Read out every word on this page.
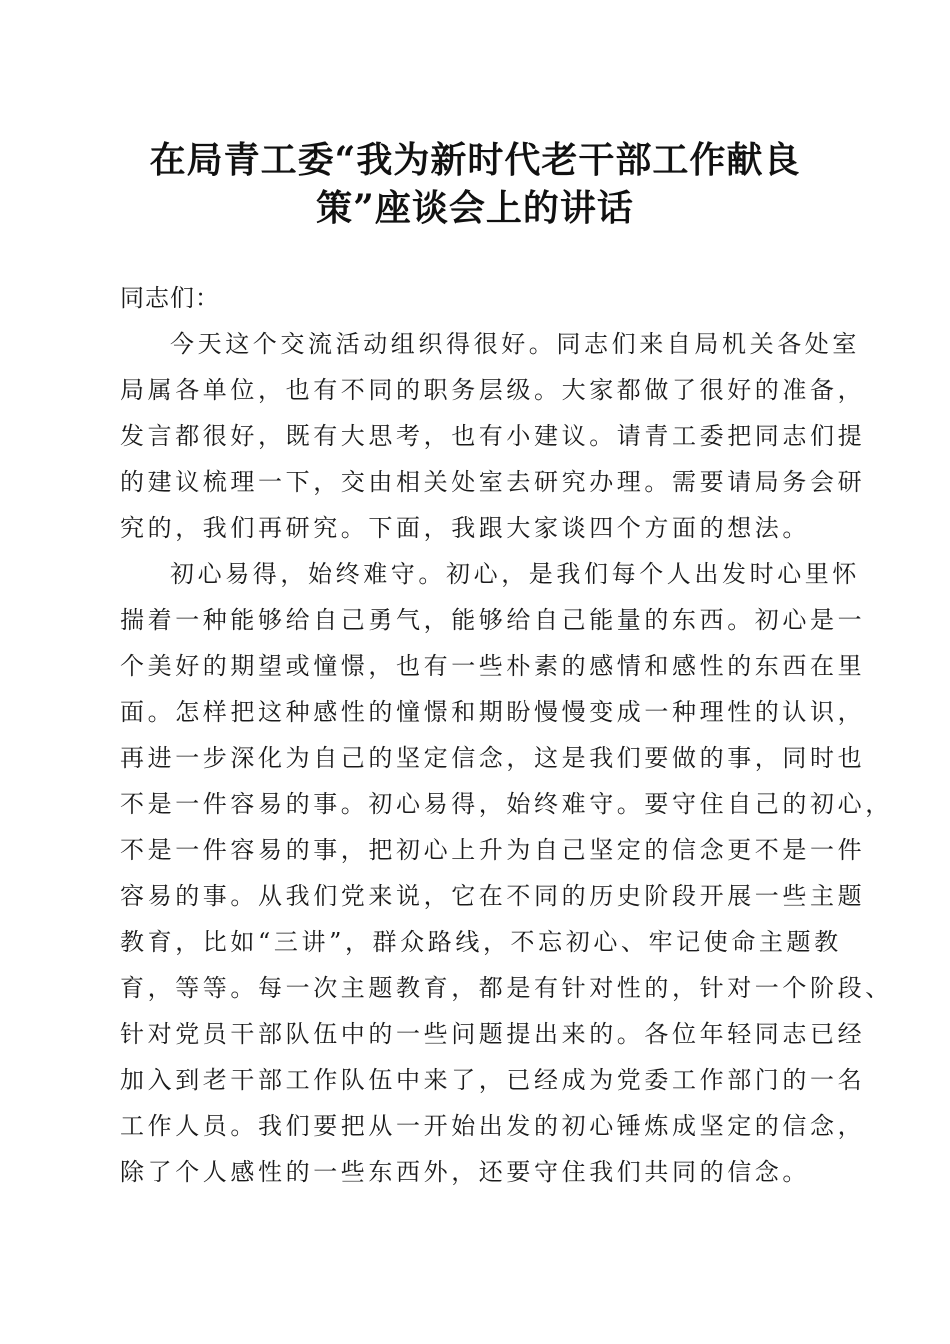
在局青工委“我为新时代老干部工作献良
策”座谈会上的讲话
同志们：
今天这个交流活动组织得很好。同志们来自局机关各处室
局属各单位，也有不同的职务层级。大家都做了很好的准备，
发言都很好，既有大思考，也有小建议。请青工委把同志们提
的建议梳理一下，交由相关处室去研究办理。需要请局务会研
究的，我们再研究。下面，我跟大家谈四个方面的想法。
初心易得，始终难守。初心，是我们每个人出发时心里怀
揣着一种能够给自己勇气，能够给自己能量的东西。初心是一
个美好的期望或憧憬，也有一些朴素的感情和感性的东西在里
面。怎样把这种感性的憧憬和期盼慢慢变成一种理性的认识，
再进一步深化为自己的坚定信念，这是我们要做的事，同时也
不是一件容易的事。初心易得，始终难守。要守住自己的初心，
不是一件容易的事，把初心上升为自己坚定的信念更不是一件
容易的事。从我们党来说，它在不同的历史阶段开展一些主题
教育，比如“三讲”，群众路线，不忘初心、牢记使命主题教
育，等等。每一次主题教育，都是有针对性的，针对一个阶段、
针对党员干部队伍中的一些问题提出来的。各位年轻同志已经
加入到老干部工作队伍中来了，已经成为党委工作部门的一名
工作人员。我们要把从一开始出发的初心锤炼成坚定的信念，
除了个人感性的一些东西外，还要守住我们共同的信念。
